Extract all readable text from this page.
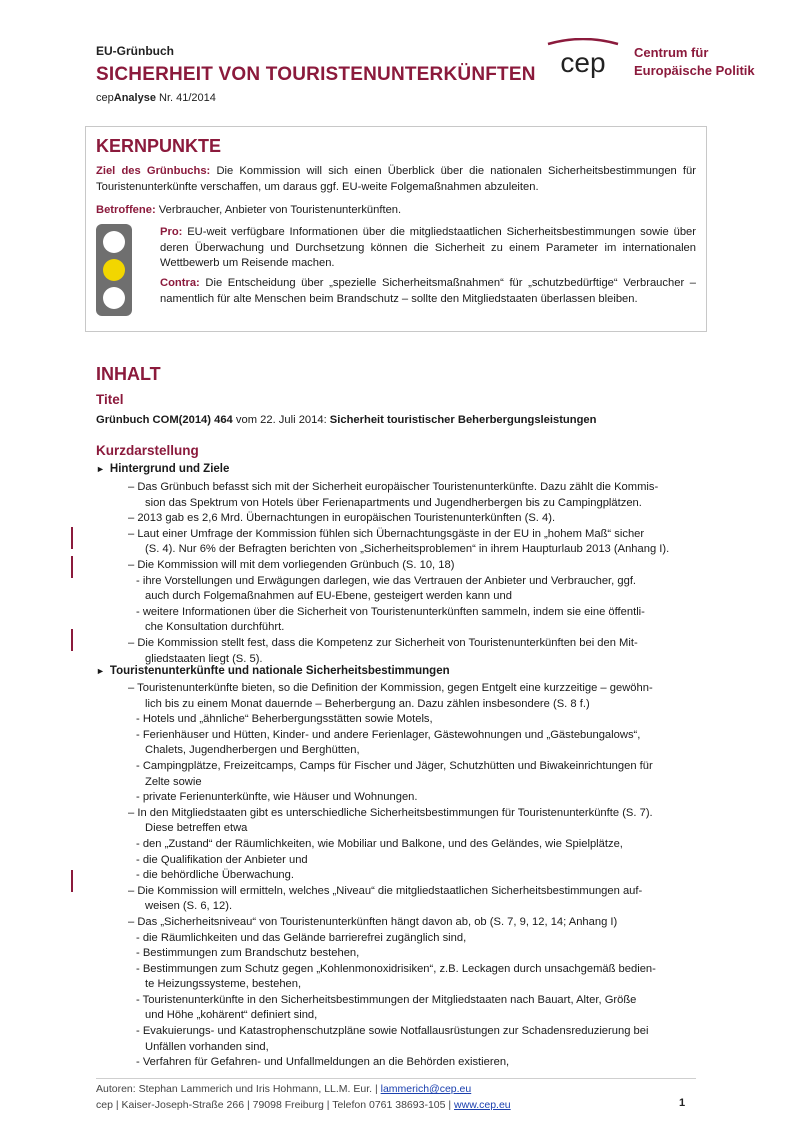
EU-Grünbuch
SICHERHEIT VON TOURISTENUNTERKÜNFTEN
cepAnalyse Nr. 41/2014
cep Centrum für
Europäische Politik
KERNPUNKTE
Ziel des Grünbuchs: Die Kommission will sich einen Überblick über die nationalen Sicherheitsbestimmungen für Touristenunterkünfte verschaffen, um daraus ggf. EU-weite Folgemaßnahmen abzuleiten.
Betroffene: Verbraucher, Anbieter von Touristenunterkünften.
Pro: EU-weit verfügbare Informationen über die mitgliedstaatlichen Sicherheitsbestimmungen sowie über deren Überwachung und Durchsetzung können die Sicherheit zu einem Parameter im internationalen Wettbewerb um Reisende machen.
Contra: Die Entscheidung über „spezielle Sicherheitsmaßnahmen“ für „schutzbedürftige“ Verbraucher – namentlich für alte Menschen beim Brandschutz – sollte den Mitgliedstaaten überlassen bleiben.
INHALT
Titel
Grünbuch COM(2014) 464 vom 22. Juli 2014: Sicherheit touristischer Beherbergungsleistungen
Kurzdarstellung
►  Hintergrund und Ziele
– Das Grünbuch befasst sich mit der Sicherheit europäischer Touristenunterkünfte. Dazu zählt die Kommis-
sion das Spektrum von Hotels über Ferienapartments und Jugendherbergen bis zu Campingplätzen.
– 2013 gab es 2,6 Mrd. Übernachtungen in europäischen Touristenunterkünften (S. 4).
– Laut einer Umfrage der Kommission fühlen sich Übernachtungsgäste in der EU in „hohem Maß“ sicher
(S. 4). Nur 6% der Befragten berichten von „Sicherheitsproblemen“ in ihrem Haupturlaub 2013 (Anhang I).
– Die Kommission will mit dem vorliegenden Grünbuch (S. 10, 18)
- ihre Vorstellungen und Erwägungen darlegen, wie das Vertrauen der Anbieter und Verbraucher, ggf.
auch durch Folgemaßnahmen auf EU-Ebene, gesteigert werden kann und
- weitere Informationen über die Sicherheit von Touristenunterkünften sammeln, indem sie eine öffentli-
che Konsultation durchführt.
– Die Kommission stellt fest, dass die Kompetenz zur Sicherheit von Touristenunterkünften bei den Mit-
gliedstaaten liegt (S. 5).
►  Touristenunterkünfte und nationale Sicherheitsbestimmungen
– Touristenunterkünfte bieten, so die Definition der Kommission, gegen Entgelt eine kurzzeitige – gewöhn-
lich bis zu einem Monat dauernde – Beherbergung an. Dazu zählen insbesondere (S. 8 f.)
- Hotels und „ähnliche“ Beherbergungsstätten sowie Motels,
- Ferienhäuser und Hütten, Kinder- und andere Ferienlager, Gästewohnungen und „Gästebungalows“,
Chalets, Jugendherbergen und Berghütten,
- Campingplätze, Freizeitcamps, Camps für Fischer und Jäger, Schutzhütten und Biwakeinrichtungen für
Zelte sowie
- private Ferienunterkünfte, wie Häuser und Wohnungen.
– In den Mitgliedstaaten gibt es unterschiedliche Sicherheitsbestimmungen für Touristenunterkünfte (S. 7).
Diese betreffen etwa
- den „Zustand“ der Räumlichkeiten, wie Mobiliar und Balkone, und des Geländes, wie Spielplätze,
- die Qualifikation der Anbieter und
- die behördliche Überwachung.
– Die Kommission will ermitteln, welches „Niveau“ die mitgliedstaatlichen Sicherheitsbestimmungen auf-
weisen (S. 6, 12).
– Das „Sicherheitsniveau“ von Touristenunterkünften hängt davon ab, ob (S. 7, 9, 12, 14; Anhang I)
- die Räumlichkeiten und das Gelände barrierefrei zugänglich sind,
- Bestimmungen zum Brandschutz bestehen,
- Bestimmungen zum Schutz gegen „Kohlenmonoxidrisiken“, z.B. Leckagen durch unsachgemäß bedien-
te Heizungssysteme, bestehen,
- Touristenunterkünfte in den Sicherheitsbestimmungen der Mitgliedstaaten nach Bauart, Alter, Größe
und Höhe „kohärent“ definiert sind,
- Evakuierungs- und Katastrophenschutzpläne sowie Notfallausrüstungen zur Schadensreduzierung bei
Unfällen vorhanden sind,
- Verfahren für Gefahren- und Unfallmeldungen an die Behörden existieren,
Autoren: Stephan Lammerich und Iris Hohmann, LL.M. Eur. | lammerich@cep.eu
cep | Kaiser-Joseph-Straße 266 | 79098 Freiburg | Telefon 0761 38693-105 | www.cep.eu	1
